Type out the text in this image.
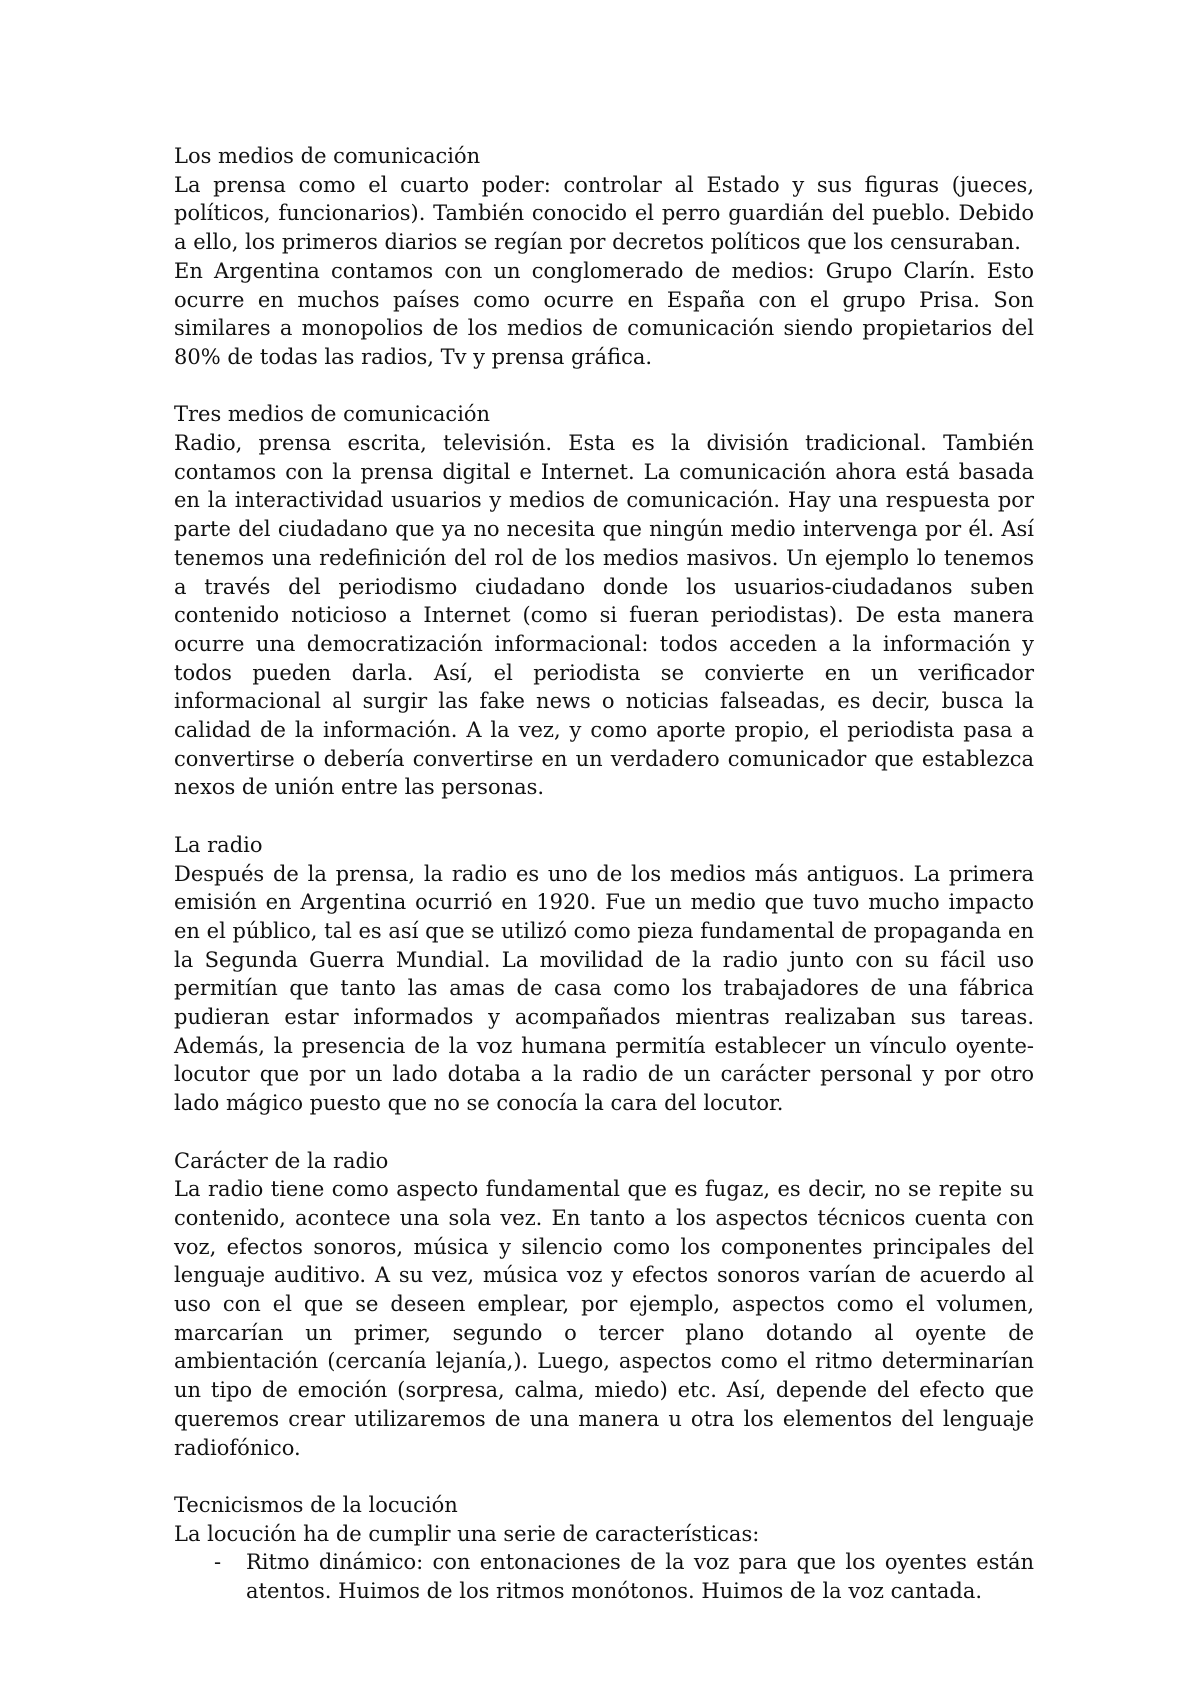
Los medios de comunicación

La prensa como el cuarto poder: controlar al Estado y sus figuras (jueces, políticos, funcionarios). También conocido el perro guardián del pueblo. Debido a ello, los primeros diarios se regían por decretos políticos que los censuraban.

En Argentina contamos con un conglomerado de medios: Grupo Clarín. Esto ocurre en muchos países como ocurre en España con el grupo Prisa. Son similares a monopolios de los medios de comunicación siendo propietarios del 80% de todas las radios, Tv y prensa gráfica.

Tres medios de comunicación

Radio, prensa escrita, televisión. Esta es la división tradicional. También contamos con la prensa digital e Internet. La comunicación ahora está basada en la interactividad usuarios y medios de comunicación. Hay una respuesta por parte del ciudadano que ya no necesita que ningún medio intervenga por él. Así tenemos una redefinición del rol de los medios masivos. Un ejemplo lo tenemos a través del periodismo ciudadano donde los usuarios-ciudadanos suben contenido noticioso a Internet (como si fueran periodistas). De esta manera ocurre una democratización informacional: todos acceden a la información y todos pueden darla. Así, el periodista se convierte en un verificador informacional al surgir las fake news o noticias falseadas, es decir, busca la calidad de la información. A la vez, y como aporte propio, el periodista pasa a convertirse o debería convertirse en un verdadero comunicador que establezca nexos de unión entre las personas.

La radio

Después de la prensa, la radio es uno de los medios más antiguos. La primera emisión en Argentina ocurrió en 1920. Fue un medio que tuvo mucho impacto en el público, tal es así que se utilizó como pieza fundamental de propaganda en la Segunda Guerra Mundial. La movilidad de la radio junto con su fácil uso permitían que tanto las amas de casa como los trabajadores de una fábrica pudieran estar informados y acompañados mientras realizaban sus tareas. Además, la presencia de la voz humana permitía establecer un vínculo oyente-locutor que por un lado dotaba a la radio de un carácter personal y por otro lado mágico puesto que no se conocía la cara del locutor.

Carácter de la radio

La radio tiene como aspecto fundamental que es fugaz, es decir, no se repite su contenido, acontece una sola vez. En tanto a los aspectos técnicos cuenta con voz, efectos sonoros, música y silencio como los componentes principales del lenguaje auditivo. A su vez, música voz y efectos sonoros varían de acuerdo al uso con el que se deseen emplear, por ejemplo, aspectos como el volumen, marcarían un primer, segundo o tercer plano dotando al oyente de ambientación (cercanía lejanía,). Luego, aspectos como el ritmo determinarían un tipo de emoción (sorpresa, calma, miedo) etc. Así, depende del efecto que queremos crear utilizaremos de una manera u otra los elementos del lenguaje radiofónico.

Tecnicismos de la locución

La locución ha de cumplir una serie de características:

- Ritmo dinámico: con entonaciones de la voz para que los oyentes están atentos. Huimos de los ritmos monótonos. Huimos de la voz cantada.
